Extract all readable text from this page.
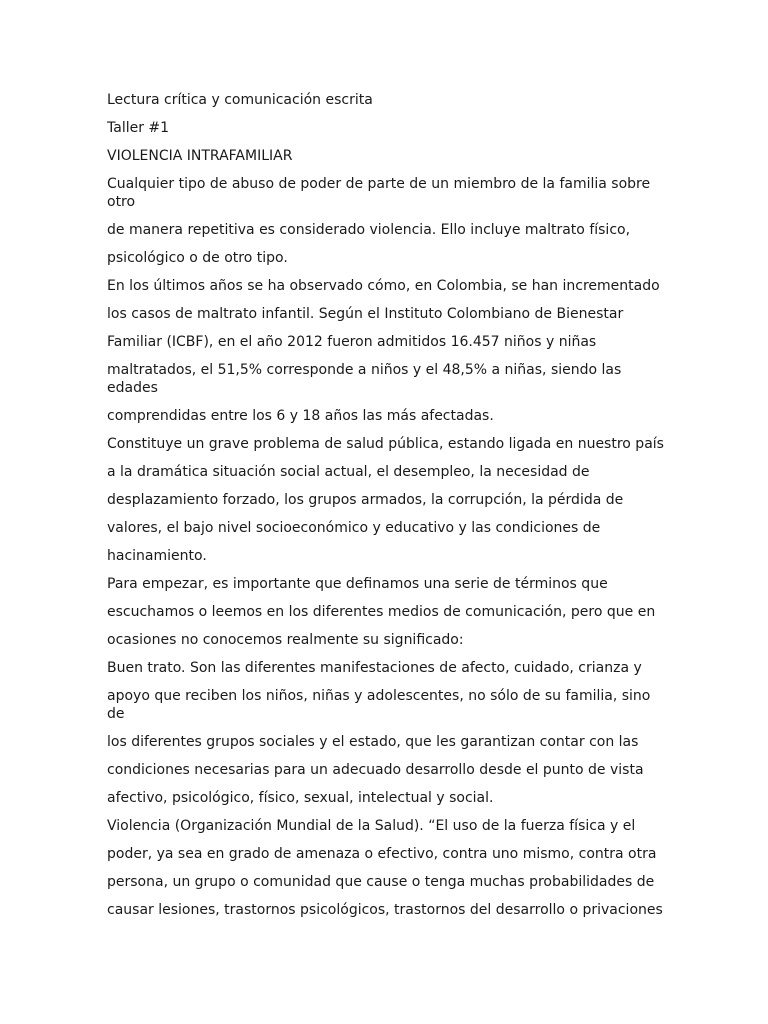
Lectura crítica y comunicación escrita
Taller #1
VIOLENCIA INTRAFAMILIAR
Cualquier tipo de abuso de poder de parte de un miembro de la familia sobre otro
de manera repetitiva es considerado violencia. Ello incluye maltrato físico,
psicológico o de otro tipo.
En los últimos años se ha observado cómo, en Colombia, se han incrementado
los casos de maltrato infantil. Según el Instituto Colombiano de Bienestar
Familiar (ICBF), en el año 2012 fueron admitidos 16.457 niños y niñas
maltratados, el 51,5% corresponde a niños y el 48,5% a niñas, siendo las edades
comprendidas entre los 6 y 18 años las más afectadas.
Constituye un grave problema de salud pública, estando ligada en nuestro país
a la dramática situación social actual, el desempleo, la necesidad de
desplazamiento forzado, los grupos armados, la corrupción, la pérdida de
valores, el bajo nivel socioeconómico y educativo y las condiciones de
hacinamiento.
Para empezar, es importante que definamos una serie de términos que
escuchamos o leemos en los diferentes medios de comunicación, pero que en
ocasiones no conocemos realmente su significado:
Buen trato. Son las diferentes manifestaciones de afecto, cuidado, crianza y
apoyo que reciben los niños, niñas y adolescentes, no sólo de su familia, sino de
los diferentes grupos sociales y el estado, que les garantizan contar con las
condiciones necesarias para un adecuado desarrollo desde el punto de vista
afectivo, psicológico, físico, sexual, intelectual y social.
Violencia (Organización Mundial de la Salud). “El uso de la fuerza física y el
poder, ya sea en grado de amenaza o efectivo, contra uno mismo, contra otra
persona, un grupo o comunidad que cause o tenga muchas probabilidades de
causar lesiones, trastornos psicológicos, trastornos del desarrollo o privaciones
